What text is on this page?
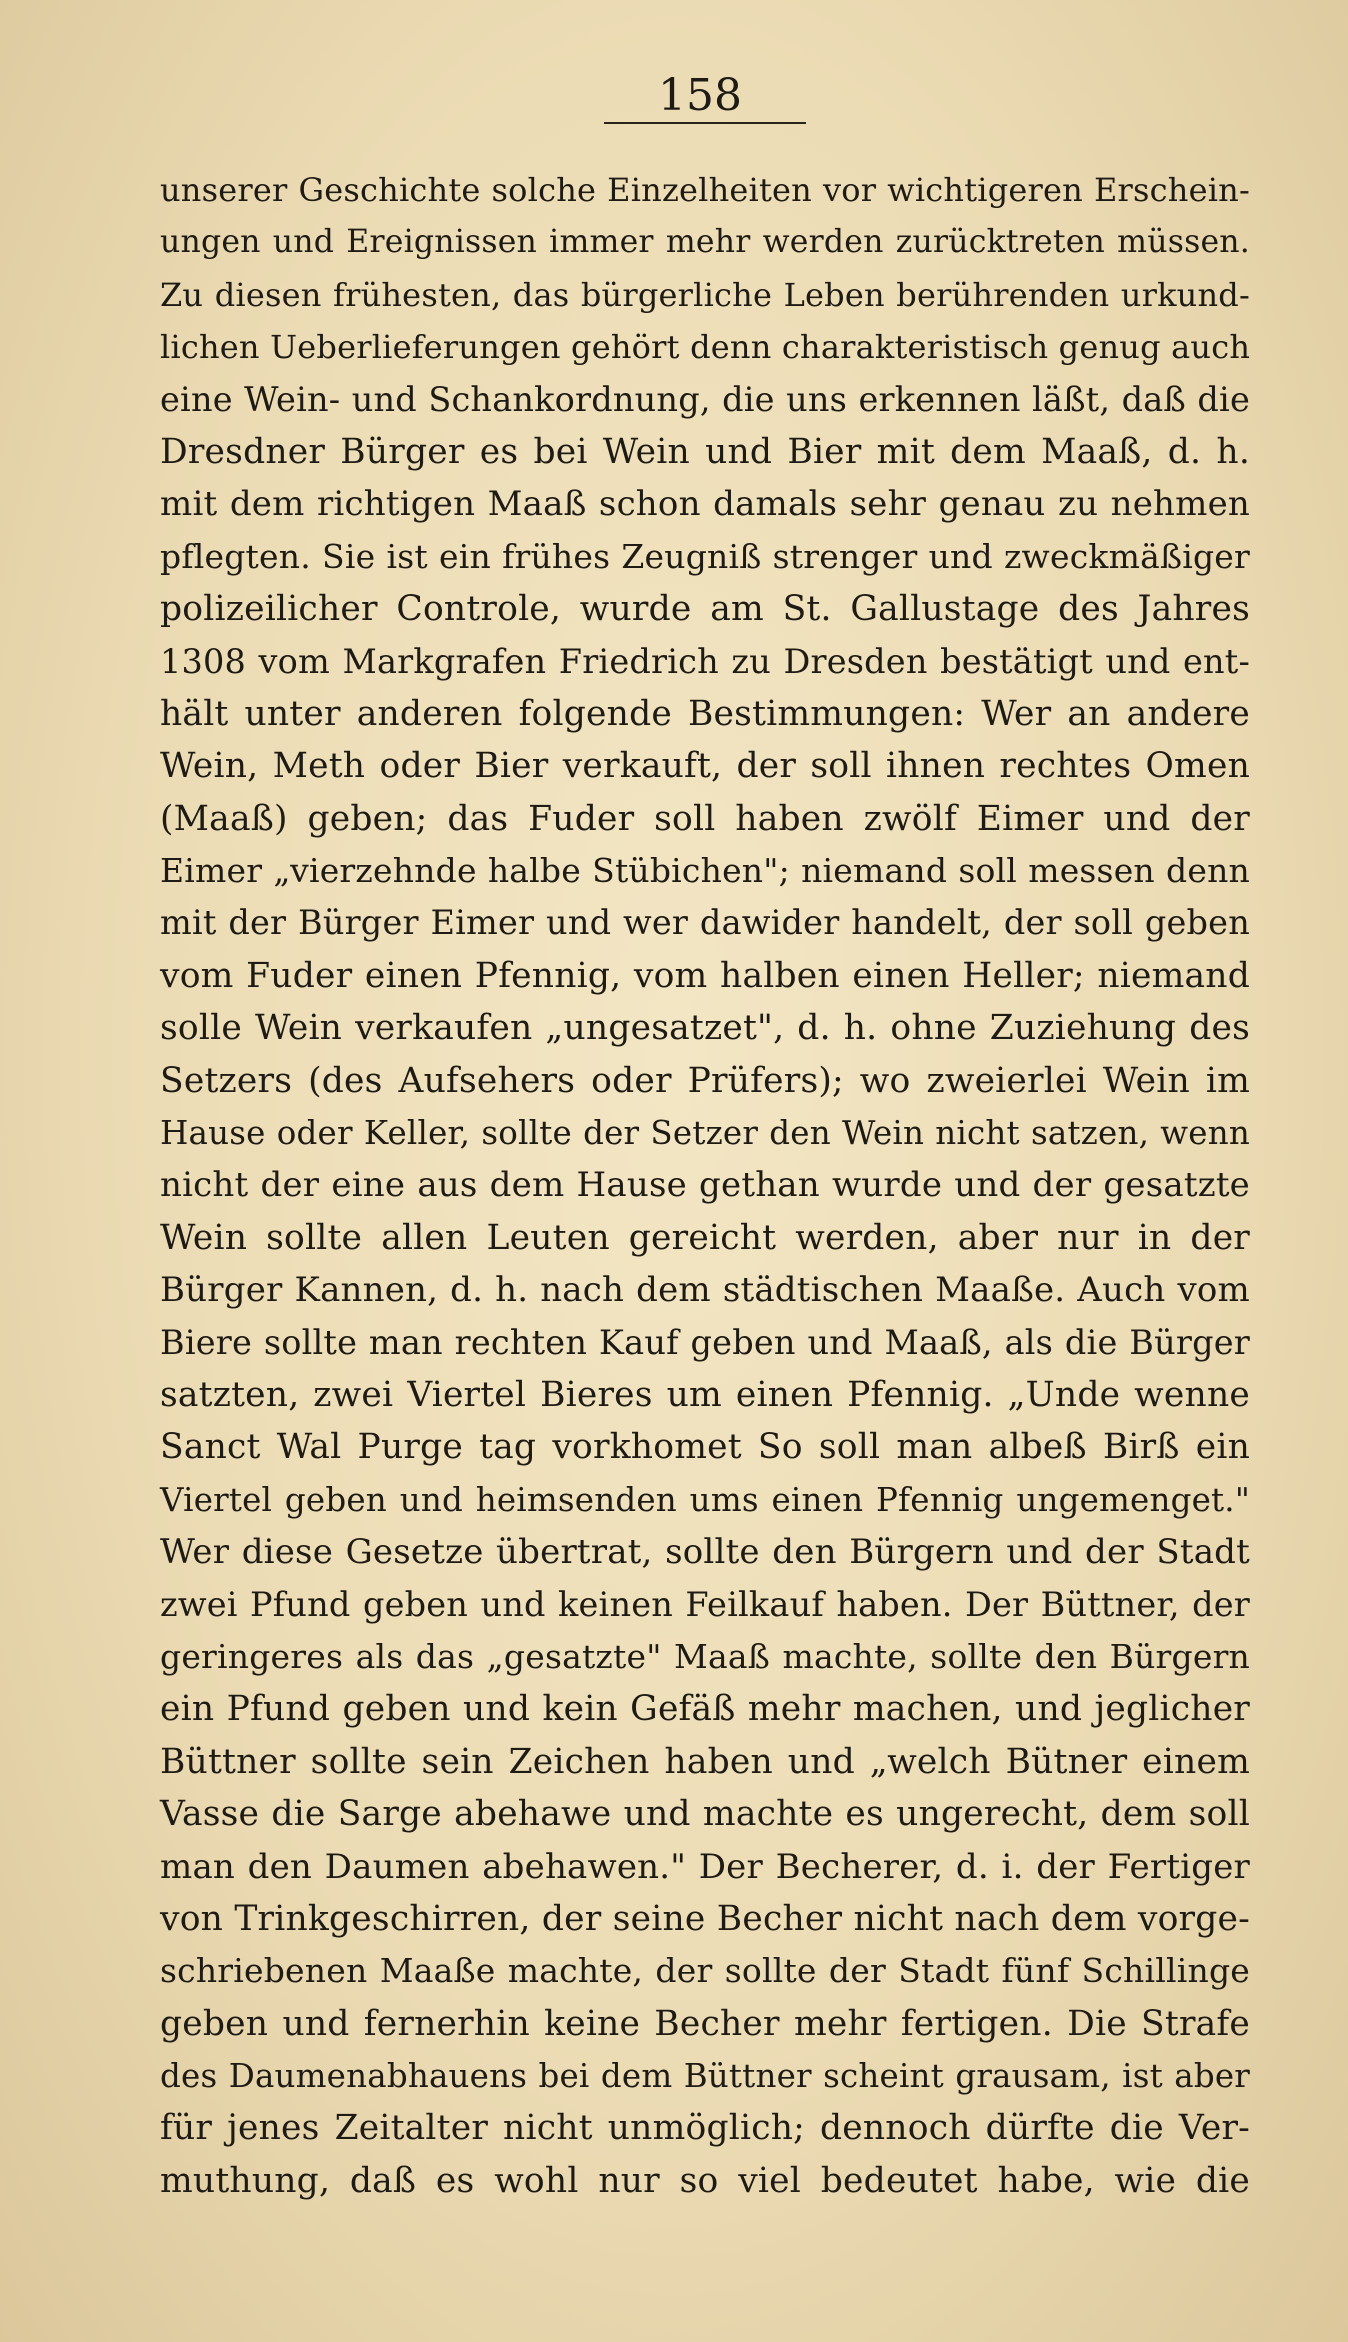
158
unserer Geschichte solche Einzelheiten vor wichtigeren Erschein-
ungen und Ereignissen immer mehr werden zurücktreten müssen.
Zu diesen frühesten, das bürgerliche Leben berührenden urkund-
lichen Ueberlieferungen gehört denn charakteristisch genug auch
eine Wein- und Schankordnung, die uns erkennen läßt, daß die
Dresdner Bürger es bei Wein und Bier mit dem Maaß, d. h.
mit dem richtigen Maaß schon damals sehr genau zu nehmen
pflegten. Sie ist ein frühes Zeugniß strenger und zweckmäßiger
polizeilicher Controle, wurde am St. Gallustage des Jahres
1308 vom Markgrafen Friedrich zu Dresden bestätigt und ent-
hält unter anderen folgende Bestimmungen: Wer an andere
Wein, Meth oder Bier verkauft, der soll ihnen rechtes Omen
(Maaß) geben; das Fuder soll haben zwölf Eimer und der
Eimer „vierzehnde halbe Stübichen"; niemand soll messen denn
mit der Bürger Eimer und wer dawider handelt, der soll geben
vom Fuder einen Pfennig, vom halben einen Heller; niemand
solle Wein verkaufen „ungesatzet", d. h. ohne Zuziehung des
Setzers (des Aufsehers oder Prüfers); wo zweierlei Wein im
Hause oder Keller, sollte der Setzer den Wein nicht satzen, wenn
nicht der eine aus dem Hause gethan wurde und der gesatzte
Wein sollte allen Leuten gereicht werden, aber nur in der
Bürger Kannen, d. h. nach dem städtischen Maaße. Auch vom
Biere sollte man rechten Kauf geben und Maaß, als die Bürger
satzten, zwei Viertel Bieres um einen Pfennig. „Unde wenne
Sanct Wal Purge tag vorkhomet So soll man albeß Birß ein
Viertel geben und heimsenden ums einen Pfennig ungemenget."
Wer diese Gesetze übertrat, sollte den Bürgern und der Stadt
zwei Pfund geben und keinen Feilkauf haben. Der Büttner, der
geringeres als das „gesatzte" Maaß machte, sollte den Bürgern
ein Pfund geben und kein Gefäß mehr machen, und jeglicher
Büttner sollte sein Zeichen haben und „welch Bütner einem
Vasse die Sarge abehawe und machte es ungerecht, dem soll
man den Daumen abehawen." Der Becherer, d. i. der Fertiger
von Trinkgeschirren, der seine Becher nicht nach dem vorge-
schriebenen Maaße machte, der sollte der Stadt fünf Schillinge
geben und fernerhin keine Becher mehr fertigen. Die Strafe
des Daumenabhauens bei dem Büttner scheint grausam, ist aber
für jenes Zeitalter nicht unmöglich; dennoch dürfte die Ver-
muthung, daß es wohl nur so viel bedeutet habe, wie die
